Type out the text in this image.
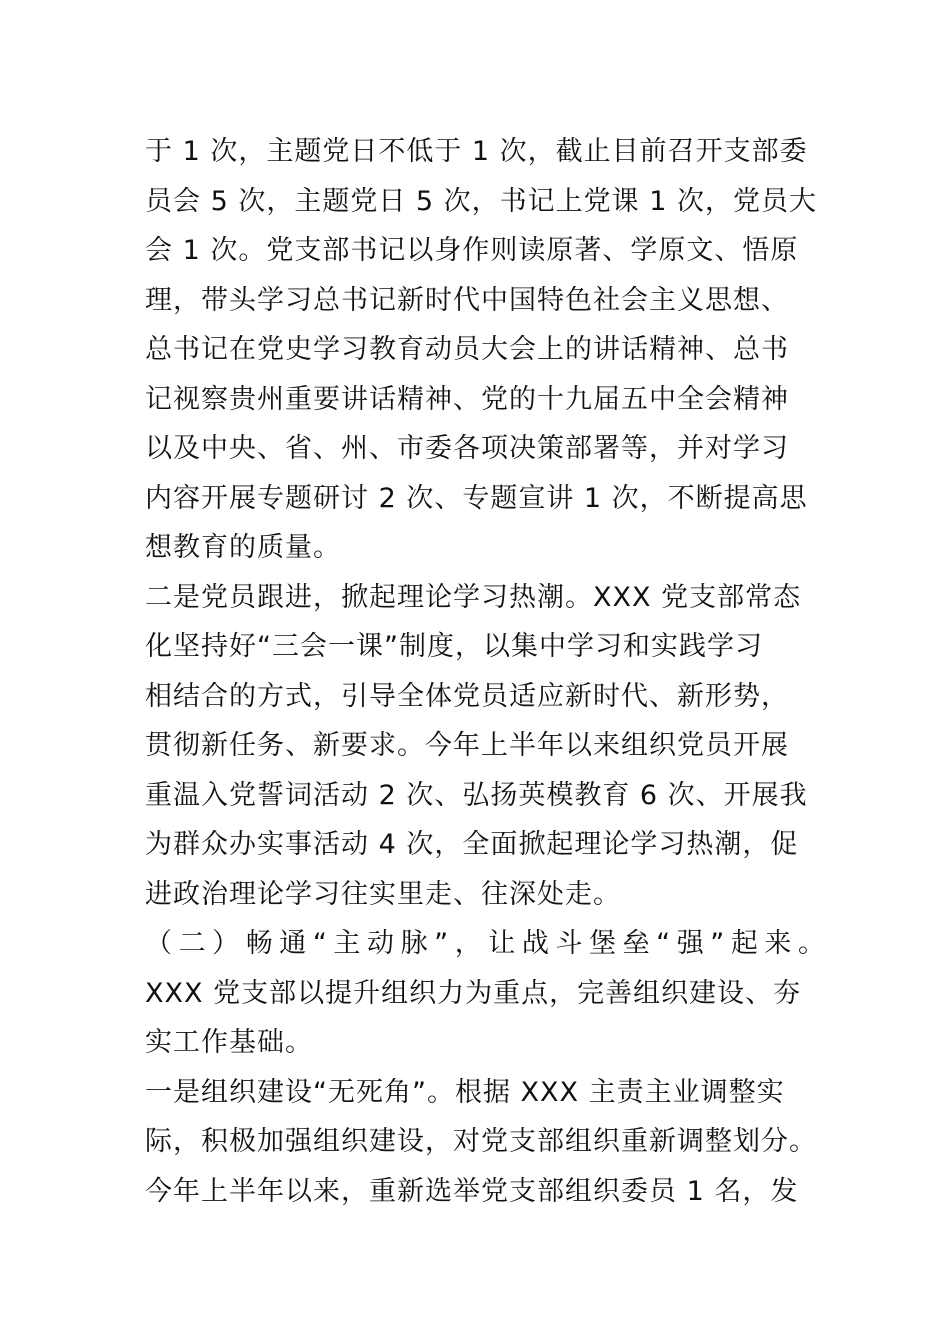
于 1 次，主题党日不低于 1 次，截止目前召开支部委
员会 5 次，主题党日 5 次，书记上党课 1 次，党员大
会 1 次。党支部书记以身作则读原著、学原文、悟原
理，带头学习总书记新时代中国特色社会主义思想、
总书记在党史学习教育动员大会上的讲话精神、总书
记视察贵州重要讲话精神、党的十九届五中全会精神
以及中央、省、州、市委各项决策部署等，并对学习
内容开展专题研讨 2 次、专题宣讲 1 次，不断提高思
想教育的质量。
二是党员跟进，掀起理论学习热潮。XXX 党支部常态
化坚持好“三会一课”制度，以集中学习和实践学习
相结合的方式，引导全体党员适应新时代、新形势，
贯彻新任务、新要求。今年上半年以来组织党员开展
重温入党誓词活动 2 次、弘扬英模教育 6 次、开展我
为群众办实事活动 4 次，全面掀起理论学习热潮，促
进政治理论学习往实里走、往深处走。
（二）畅通“主动脉”，让战斗堡垒“强”起来。
XXX 党支部以提升组织力为重点，完善组织建设、夯
实工作基础。
一是组织建设“无死角”。根据 XXX 主责主业调整实
际，积极加强组织建设，对党支部组织重新调整划分。
今年上半年以来，重新选举党支部组织委员 1 名，发
